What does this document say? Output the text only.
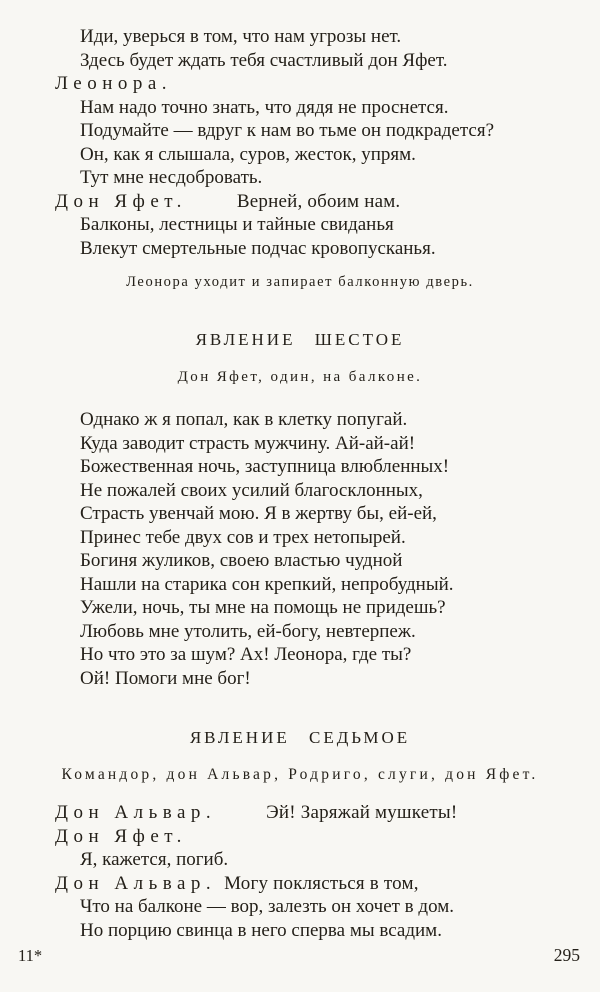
Иди, уверься в том, что нам угрозы нет.
Здесь будет ждать тебя счастливый дон Яфет.
Леонора.
Нам надо точно знать, что дядя не проснется.
Подумайте — вдруг к нам во тьме он подкрадется?
Он, как я слышала, суров, жесток, упрям.
Тут мне несдобровать.
Дон Яфет.	Верней, обоим нам.
Балконы, лестницы и тайные свиданья
Влекут смертельные подчас кровопусканья.
Леонора уходит и запирает балконную дверь.
ЯВЛЕНИЕ ШЕСТОЕ
Дон Яфет, один, на балконе.
Однако ж я попал, как в клетку попугай.
Куда заводит страсть мужчину. Ай-ай-ай!
Божественная ночь, заступница влюбленных!
Не пожалей своих усилий благосклонных,
Страсть увенчай мою. Я в жертву бы, ей-ей,
Принес тебе двух сов и трех нетопырей.
Богиня жуликов, своею властью чудной
Нашли на старика сон крепкий, непробудный.
Ужели, ночь, ты мне на помощь не придешь?
Любовь мне утолить, ей-богу, невтерпеж.
Но что это за шум? Ах! Леонора, где ты?
Ой! Помоги мне бог!
ЯВЛЕНИЕ СЕДЬМОЕ
Командор, дон Альвар, Родриго, слуги, дон Яфет.
Дон Альвар.	Эй! Заряжай мушкеты!
Дон Яфет.
Я, кажется, погиб.
Дон Альвар. Могу поклясться в том,
Что на балконе — вор, залезть он хочет в дом.
Но порцию свинца в него сперва мы всадим.
11*	295
